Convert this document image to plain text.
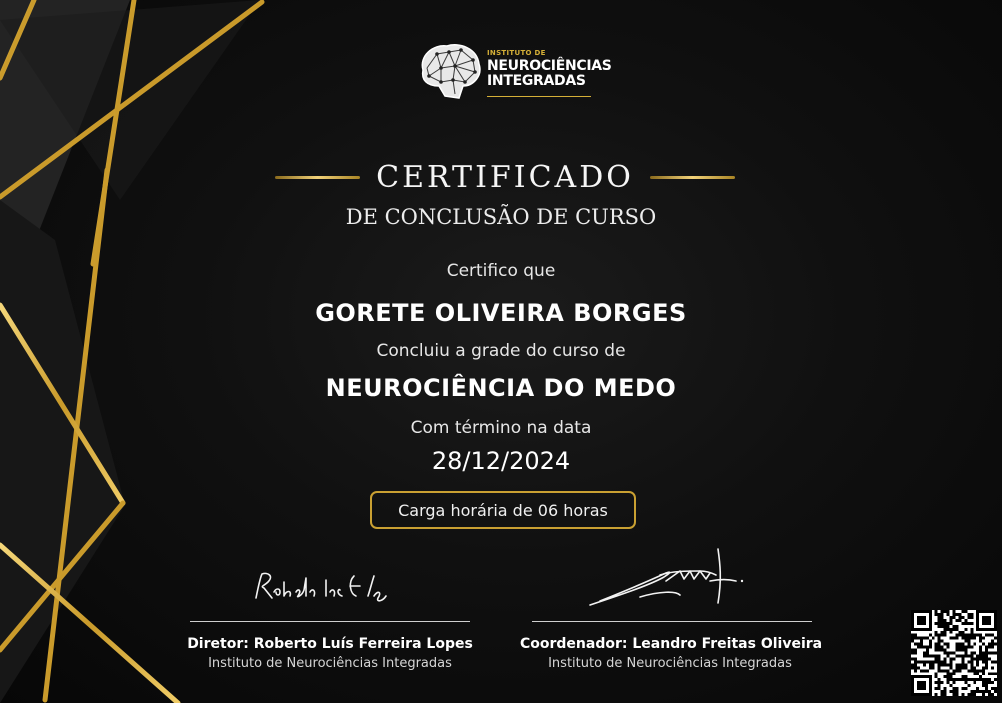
INSTITUTO DE
NEUROCIÊNCIAS
INTEGRADAS
CERTIFICADO
DE CONCLUSÃO DE CURSO
Certifico que
GORETE OLIVEIRA BORGES
Concluiu a grade do curso de
NEUROCIÊNCIA DO MEDO
Com término na data
28/12/2024
Carga horária de 06 horas
Diretor: Roberto Luís Ferreira Lopes
Instituto de Neurociências Integradas
Coordenador: Leandro Freitas Oliveira
Instituto de Neurociências Integradas
